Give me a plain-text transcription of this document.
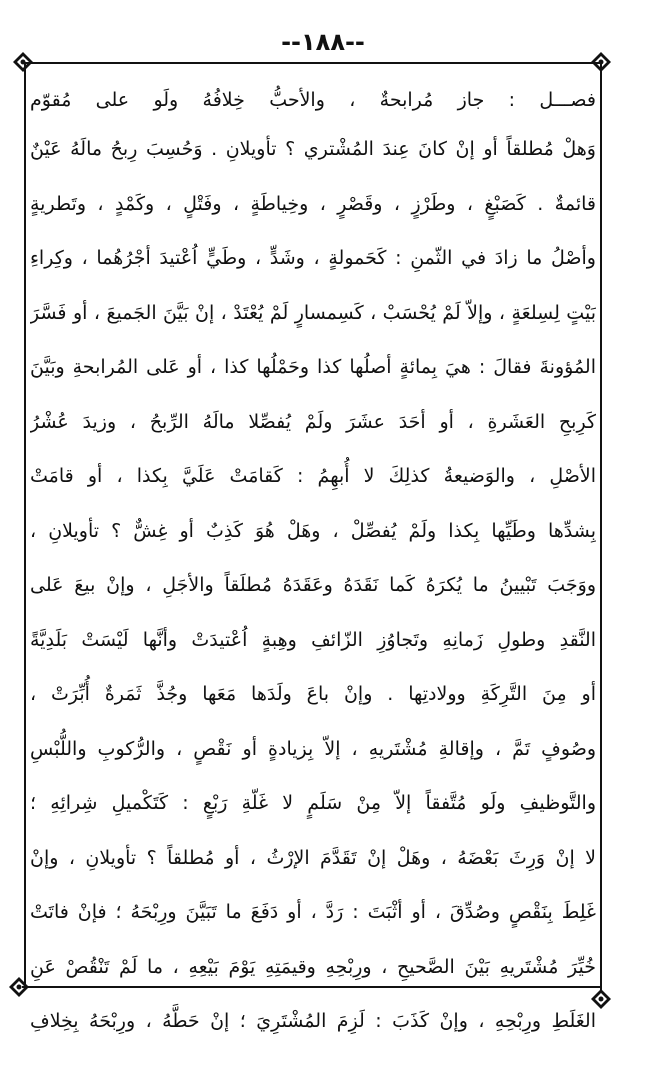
--١٨٨--
فصـــل : جاز مُرابحةٌ ، والأحبُّ خِلافُهُ ولَو على مُقوّم
وَهلْ مُطلقاً أو إنْ كانَ عِندَ المُشْتري ؟ تأويلانِ . وَحُسِبَ رِبحُ مالَهُ عَيْنٌ
قائمةٌ . كَصَبْغٍ ، وطَرْزٍ ، وقَصْرٍ ، وخِياطَةٍ ، وفَتْلٍ ، وكَمْدٍ ، وتَطريةٍ
وأصْلُ ما زادَ في الثّمنِ : كَحَمولةٍ ، وشَدٍّ ، وطَيٍّ اُعْتيدَ أجْرُهُما ، وكِراءِ
بَيْتٍ لِسِلعَةٍ ، وإلاّ لَمْ يُحْسَبْ ، كَسِمسارٍ لَمْ يُعْتَدْ ، إنْ بَيَّنَ الجَميعَ ، أو فَسَّرَ
المُؤونةَ فقالَ : هيَ بِمائةٍ أصلُها كذا وحَمْلُها كذا ، أو عَلى المُرابحةِ وبَيَّنَ
كَرِبحِ العَشَرةِ ، أو أحَدَ عشَرَ ولَمْ يُفصِّلا مالَهُ الرِّبحُ ، وزيدَ عُشْرُ
الأصْلِ ، والوَضيعةُ كذلِكَ لا أُبهِمُ : كَقامَتْ عَلَيَّ بِكذا ، أو قامَتْ
بِشدِّها وطَيِّها بِكذا ولَمْ يُفصِّلْ ، وهَلْ هُوَ كَذِبٌ أو غِشٌّ ؟ تأويلانِ ،
ووَجَبَ تَبْيينُ ما يُكرَهُ كَما نَقَدَهُ وعَقَدَهُ مُطلَقاً والأجَلِ ، وإنْ بيعَ عَلى
النَّقدِ وطولِ زَمانِهِ وتَجاوُزِ الزّائفِ وهِبةٍ اُعْتيدَتْ وأنَّها لَيْسَتْ بَلَدِيَّةً
أو مِنَ التَّرِكَةِ وولادتِها . وإنْ باعَ ولَدَها مَعَها وجُذَّ ثَمَرةٌ أُبِّرَتْ ،
وصُوفٍ تَمَّ ، وإقالةِ مُشْتَريهِ ، إلاّ بِزيادةٍ أو نَقْصٍ ، والرُّكوبِ واللُّبْسِ
والتَّوظيفِ ولَو مُتَّفقاً إلاّ مِنْ سَلَمٍ لا غَلّةِ رَبْعٍ : كَتَكْميلِ شِرائِهِ ؛
لا إنْ وَرِثَ بَعْضَهُ ، وهَلْ إنْ تَقَدَّمَ الإرْثُ ، أو مُطلقاً ؟ تأويلانِ ، وإنْ
غَلِطَ بِنَقْصٍ وصُدِّقَ ، أو أثْبَتَ : رَدَّ ، أو دَفَعَ ما تَبَيَّنَ ورِبْحَهُ ؛ فإنْ فاتَتْ
خُيِّرَ مُشْتَريهِ بَيْنَ الصَّحيحِ ، ورِبْحِهِ وقيمَتِهِ يَوْمَ بَيْعِهِ ، ما لَمْ تَنْقُصْ عَنِ
الغَلَطِ ورِبْحِهِ ، وإنْ كَذَبَ : لَزِمَ المُشْتَرِيَ ؛ إنْ حَطَّهُ ، ورِبْحَهُ بِخِلافِ
